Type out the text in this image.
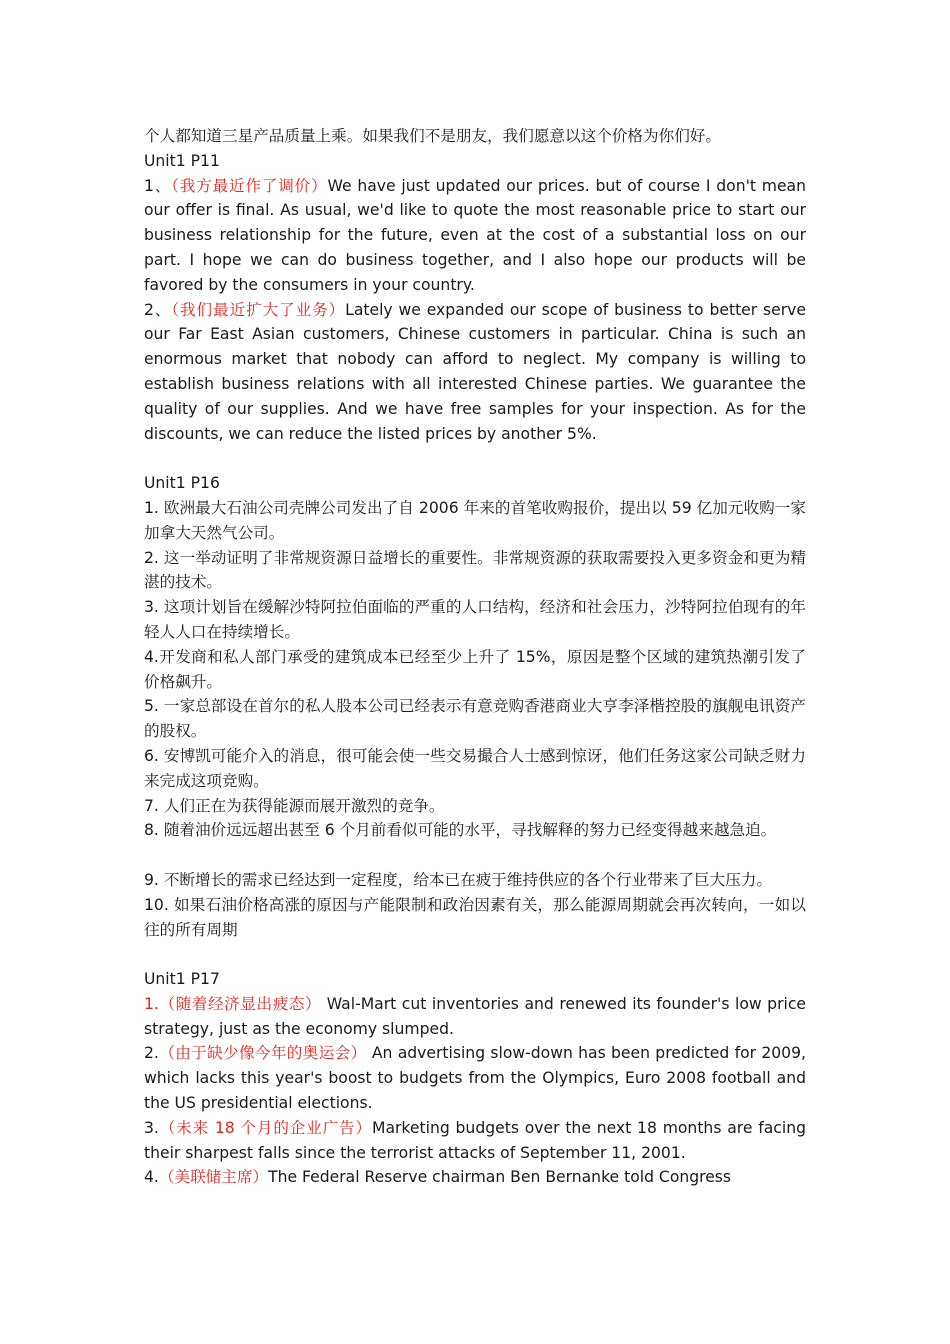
个人都知道三星产品质量上乘。如果我们不是朋友，我们愿意以这个价格为你们好。
Unit1 P11
1、（我方最近作了调价）We have just updated our prices. but of course I don't mean our offer is final. As usual, we'd like to quote the most reasonable price to start our business relationship for the future, even at the cost of a substantial loss on our part. I hope we can do business together, and I also hope our products will be favored by the consumers in your country.
2、（我们最近扩大了业务）Lately we expanded our scope of business to better serve our Far East Asian customers, Chinese customers in particular. China is such an enormous market that nobody can afford to neglect. My company is willing to establish business relations with all interested Chinese parties. We guarantee the quality of our supplies. And we have free samples for your inspection. As for the discounts, we can reduce the listed prices by another 5%.
Unit1 P16
1. 欧洲最大石油公司壳牌公司发出了自 2006 年来的首笔收购报价，提出以 59 亿加元收购一家加拿大天然气公司。
2. 这一举动证明了非常规资源日益增长的重要性。非常规资源的获取需要投入更多资金和更为精湛的技术。
3. 这项计划旨在缓解沙特阿拉伯面临的严重的人口结构，经济和社会压力，沙特阿拉伯现有的年轻人人口在持续增长。
4.开发商和私人部门承受的建筑成本已经至少上升了 15%，原因是整个区域的建筑热潮引发了价格飙升。
5. 一家总部设在首尔的私人股本公司已经表示有意竞购香港商业大亨李泽楷控股的旗舰电讯资产的股权。
6. 安博凯可能介入的消息，很可能会使一些交易撮合人士感到惊讶，他们任务这家公司缺乏财力来完成这项竞购。
7. 人们正在为获得能源而展开激烈的竞争。
8. 随着油价远远超出甚至 6 个月前看似可能的水平，寻找解释的努力已经变得越来越急迫。
9. 不断增长的需求已经达到一定程度，给本已在疲于维持供应的各个行业带来了巨大压力。
10. 如果石油价格高涨的原因与产能限制和政治因素有关，那么能源周期就会再次转向，一如以往的所有周期
Unit1 P17
1.（随着经济显出疲态） Wal-Mart cut inventories and renewed its founder's low price strategy, just as the economy slumped.
2.（由于缺少像今年的奥运会） An advertising slow-down has been predicted for 2009, which lacks this year's boost to budgets from the Olympics, Euro 2008 football and the US presidential elections.
3.（未来 18 个月的企业广告）Marketing budgets over the next 18 months are facing their sharpest falls since the terrorist attacks of September 11, 2001.
4.（美联储主席）The Federal Reserve chairman Ben Bernanke told Congress
